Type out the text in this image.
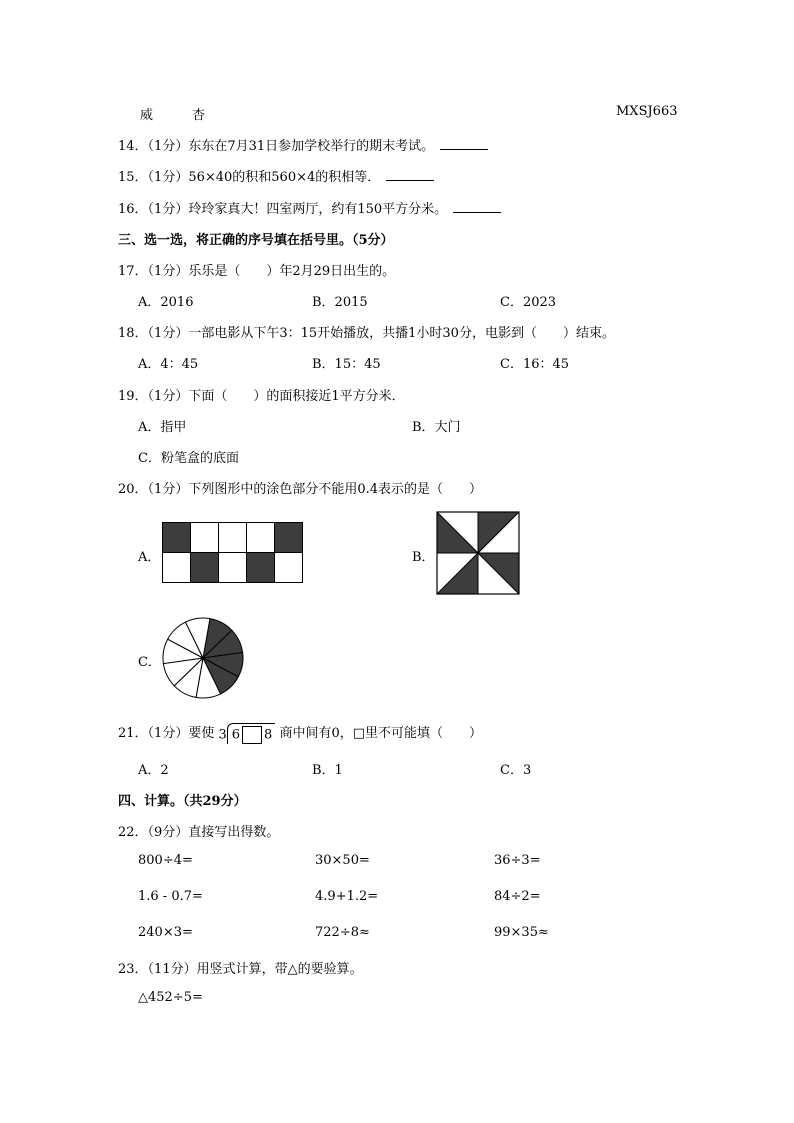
威　　　杏	MXSJ663
14．（1分）东东在7月31日参加学校举行的期末考试。
15．（1分）56×40的积和560×4的积相等．
16．（1分）玲玲家真大！四室两厅，约有150平方分米。
三、选一选，将正确的序号填在括号里。（5分）
17．（1分）乐乐是（　　）年2月29日出生的。
A．2016	B．2015	C．2023
18．（1分）一部电影从下午3：15开始播放，共播1小时30分，电影到（　　）结束。
A．4：45	B．15：45	C．16：45
19．（1分）下面（　　）的面积接近1平方分米．
A．指甲	B．大门
C．粉笔盒的底面
20．（1分）下列图形中的涂色部分不能用0.4表示的是（　　）
A．	B．
C．
21．（1分）要使 3 6 8 商中间有0，□里不可能填（　　）
A．2	B．1	C．3
四、计算。（共29分）
22．（9分）直接写出得数。
800÷4=	30×50=	36÷3=
1.6 - 0.7=	4.9+1.2=	84÷2=
240×3=	722÷8≈	99×35≈
23．（11分）用竖式计算，带△的要验算。
△452÷5=
